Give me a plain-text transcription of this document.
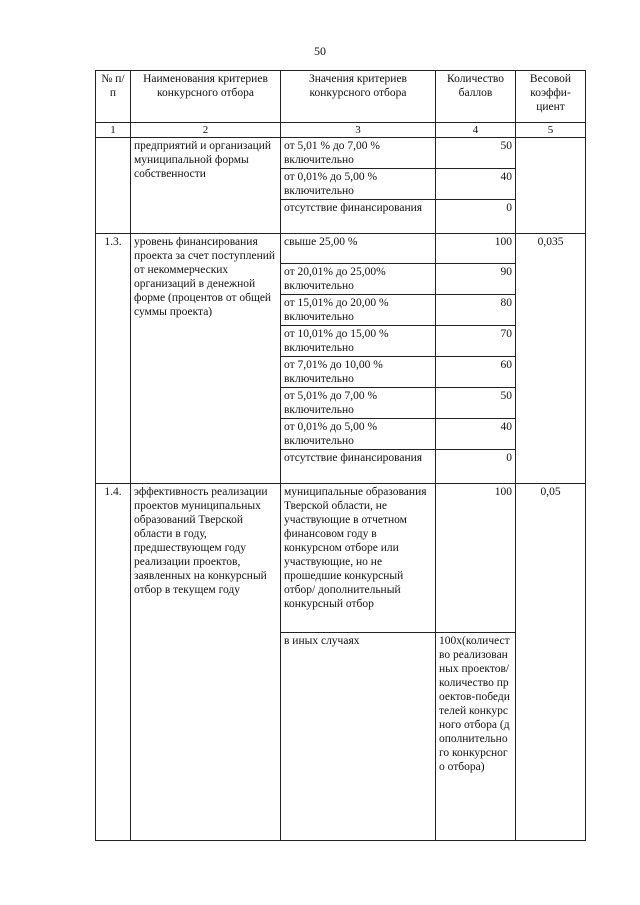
50
№ п/п	Наименования критериев конкурсного отбора	Значения критериев конкурсного отбора	Количество баллов	Весовой коэффи-циент
1	2	3	4	5
	предприятий и организаций муниципальной формы собственности	от 5,01 % до 7,00 % включительно	50	
		от 0,01% до 5,00 % включительно	40	
		отсутствие финансирования	0	
1.3.	уровень финансирования проекта за счет поступлений от некоммерческих организаций в денежной форме (процентов от общей суммы проекта)	свыше 25,00 %	100	0,035
		от 20,01% до 25,00% включительно	90	
		от 15,01% до 20,00 % включительно	80	
		от 10,01% до 15,00 % включительно	70	
		от 7,01% до 10,00 % включительно	60	
		от 5,01% до 7,00 % включительно	50	
		от 0,01% до 5,00 % включительно	40	
		отсутствие финансирования	0	
1.4.	эффективность реализации проектов муниципальных образований Тверской области в году, предшествующем году реализации проектов, заявленных на конкурсный отбор в текущем году	муниципальные образования Тверской области, не участвующие в отчетном финансовом году в конкурсном отборе или участвующие, но не прошедшие конкурсный отбор/ дополнительный конкурсный отбор	100	0,05
		в иных случаях	100х(количество реализованных проектов/количество проектов-победителей конкурсного отбора (дополнительного конкурсного отбора)	
